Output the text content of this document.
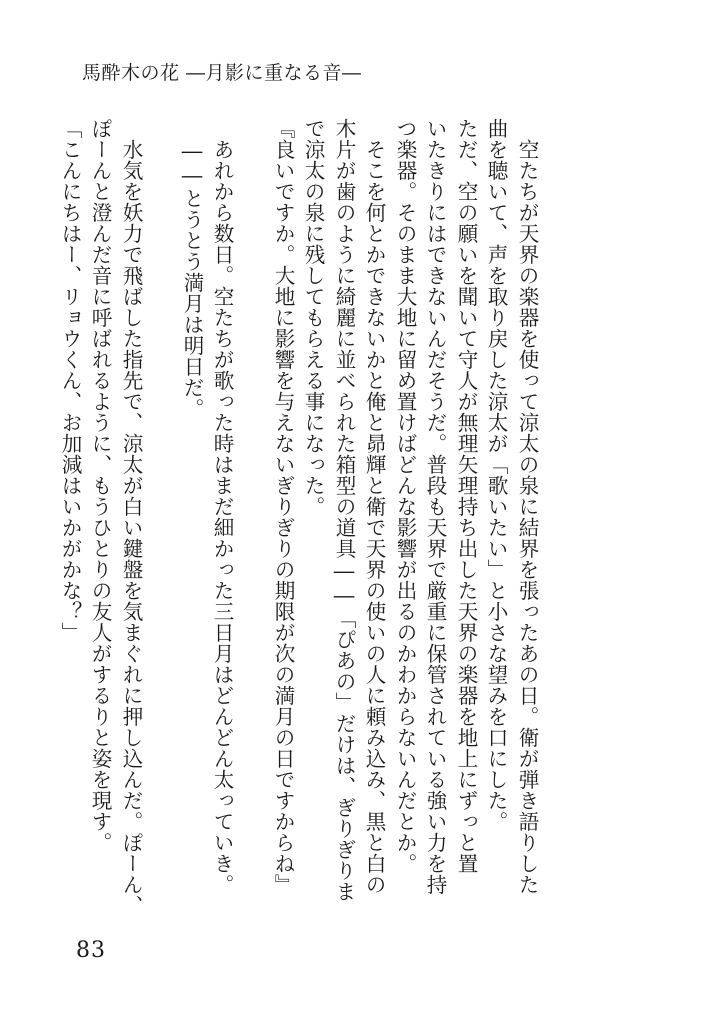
馬酔木の花 ―月影に重なる音―
　空たちが天界の楽器を使って涼太の泉に結界を張ったあの日。衛が弾き語りした
曲を聴いて、声を取り戻した涼太が「歌いたい」と小さな望みを口にした。
ただ、空の願いを聞いて守人が無理矢理持ち出した天界の楽器を地上にずっと置
いたきりにはできないんだそうだ。普段も天界で厳重に保管されている強い力を持
つ楽器。そのまま大地に留め置けばどんな影響が出るのかわからないんだとか。
　そこを何とかできないかと俺と昴輝と衛で天界の使いの人に頼み込み、黒と白の
木片が歯のように綺麗に並べられた箱型の道具――「ぴあの」だけは、ぎりぎりま
で涼太の泉に残してもらえる事になった。
『良いですか。大地に影響を与えないぎりぎりの期限が次の満月の日ですからね』
　あれから数日。空たちが歌った時はまだ細かった三日月はどんどん太っていき。
　――とうとう満月は明日だ。
　水気を妖力で飛ばした指先で、涼太が白い鍵盤を気まぐれに押し込んだ。ぽーん、
ぽーんと澄んだ音に呼ばれるように、もうひとりの友人がするりと姿を現す。
「こんにちはー、リョウくん、お加減はいかがかな？」
83
